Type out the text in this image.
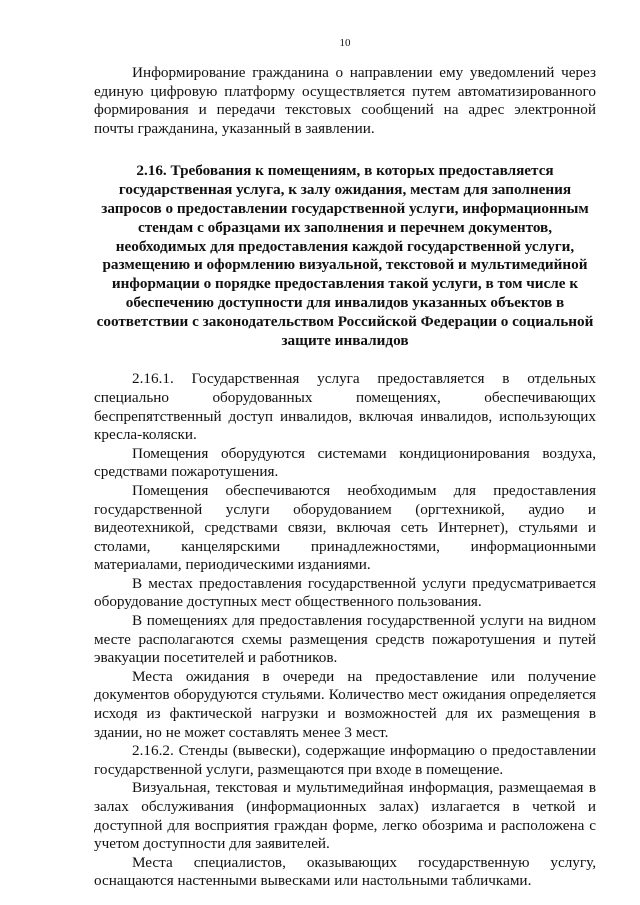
10

Информирование гражданина о направлении ему уведомлений через единую цифровую платформу осуществляется путем автоматизированного формирования и передачи текстовых сообщений на адрес электронной почты гражданина, указанный в заявлении.

2.16. Требования к помещениям, в которых предоставляется государственная услуга, к залу ожидания, местам для заполнения запросов о предоставлении государственной услуги, информационным стендам с образцами их заполнения и перечнем документов, необходимых для предоставления каждой государственной услуги, размещению и оформлению визуальной, текстовой и мультимедийной информации о порядке предоставления такой услуги, в том числе к обеспечению доступности для инвалидов указанных объектов в соответствии с законодательством Российской Федерации о социальной защите инвалидов

2.16.1. Государственная услуга предоставляется в отдельных специально оборудованных помещениях, обеспечивающих беспрепятственный доступ инвалидов, включая инвалидов, использующих кресла-коляски.

Помещения оборудуются системами кондиционирования воздуха, средствами пожаротушения.

Помещения обеспечиваются необходимым для предоставления государственной услуги оборудованием (оргтехникой, аудио и видеотехникой, средствами связи, включая сеть Интернет), стульями и столами, канцелярскими принадлежностями, информационными материалами, периодическими изданиями.

В местах предоставления государственной услуги предусматривается оборудование доступных мест общественного пользования.

В помещениях для предоставления государственной услуги на видном месте располагаются схемы размещения средств пожаротушения и путей эвакуации посетителей и работников.

Места ожидания в очереди на предоставление или получение документов оборудуются стульями. Количество мест ожидания определяется исходя из фактической нагрузки и возможностей для их размещения в здании, но не может составлять менее 3 мест.

2.16.2. Стенды (вывески), содержащие информацию о предоставлении государственной услуги, размещаются при входе в помещение.

Визуальная, текстовая и мультимедийная информация, размещаемая в залах обслуживания (информационных залах) излагается в четкой и доступной для восприятия граждан форме, легко обозрима и расположена с учетом доступности для заявителей.

Места специалистов, оказывающих государственную услугу, оснащаются настенными вывесками или настольными табличками.
